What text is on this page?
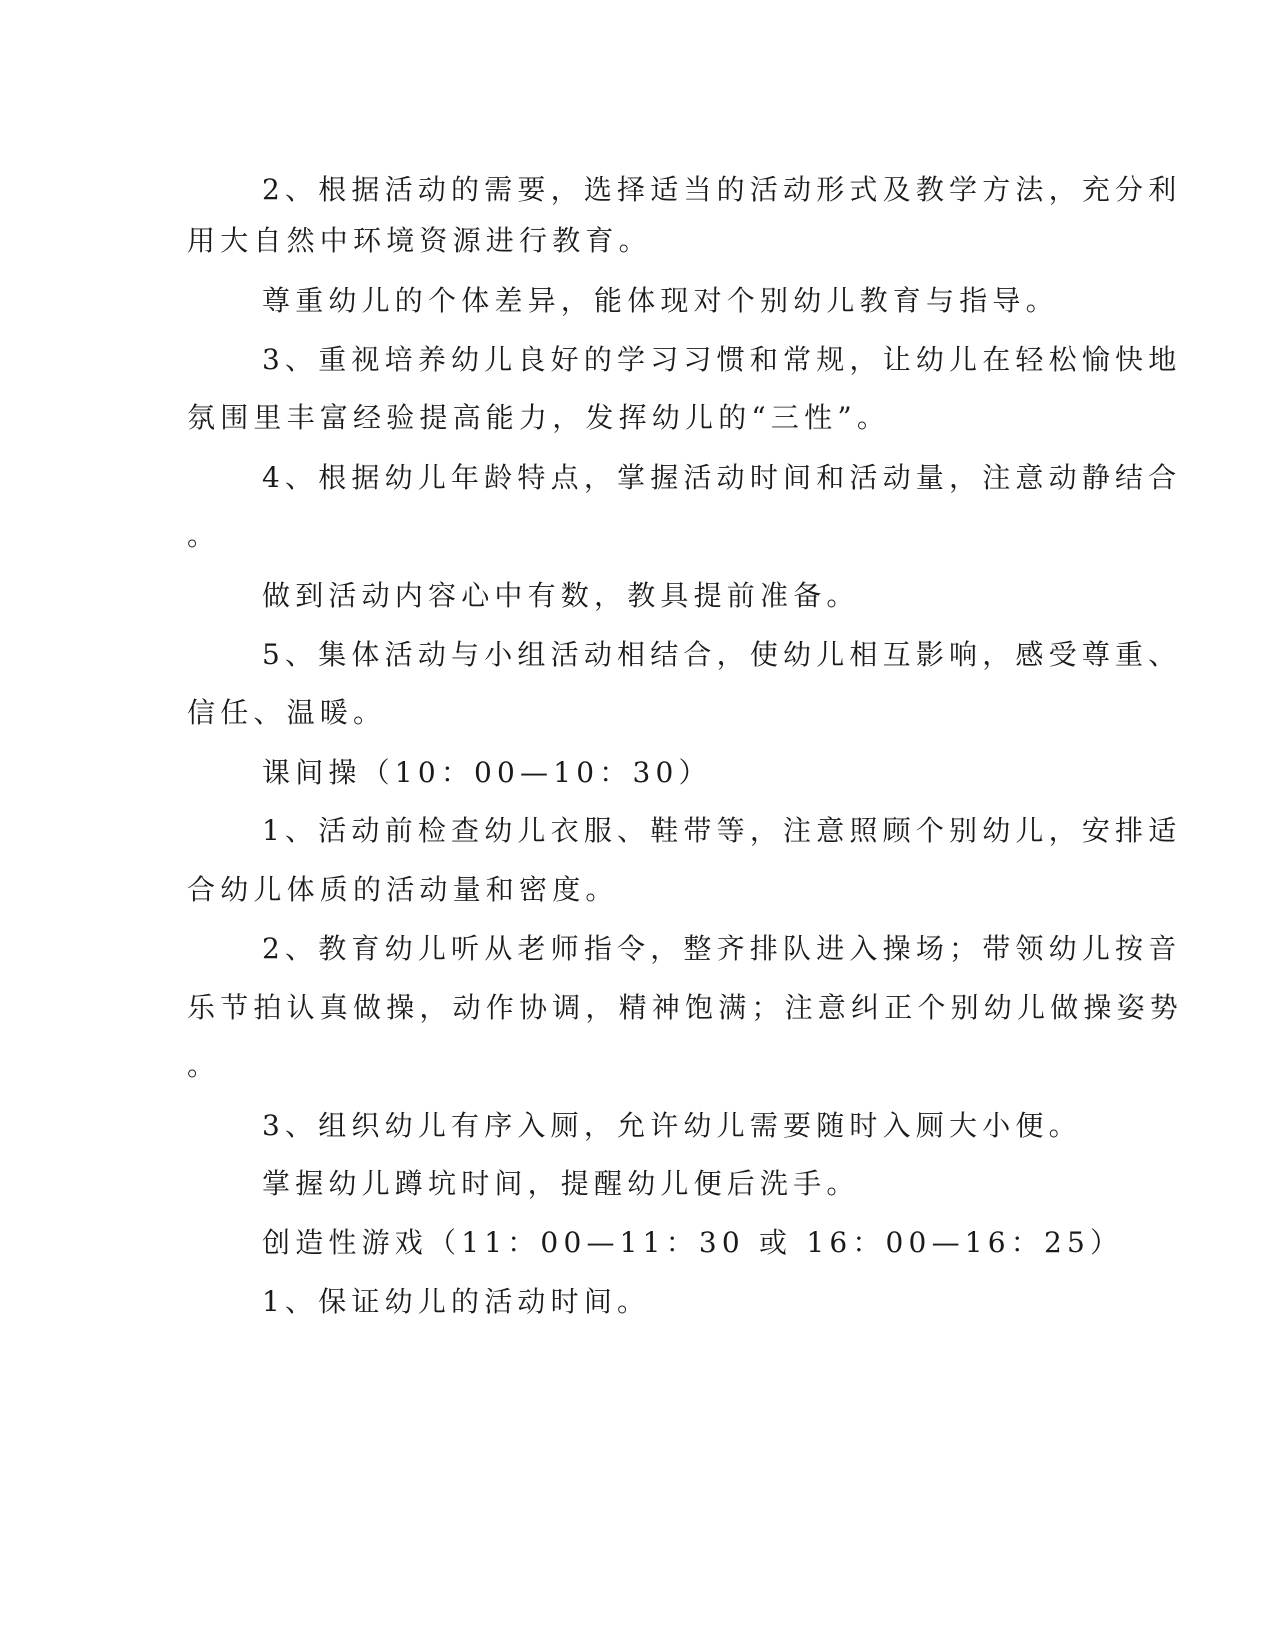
2、根据活动的需要，选择适当的活动形式及教学方法，充分利
用大自然中环境资源进行教育。
尊重幼儿的个体差异，能体现对个别幼儿教育与指导。
3、重视培养幼儿良好的学习习惯和常规，让幼儿在轻松愉快地
氛围里丰富经验提高能力，发挥幼儿的“三性”。
4、根据幼儿年龄特点，掌握活动时间和活动量，注意动静结合
。
做到活动内容心中有数，教具提前准备。
5、集体活动与小组活动相结合，使幼儿相互影响，感受尊重、
信任、温暖。
课间操（10：00—10：30）
1、活动前检查幼儿衣服、鞋带等，注意照顾个别幼儿，安排适
合幼儿体质的活动量和密度。
2、教育幼儿听从老师指令，整齐排队进入操场；带领幼儿按音
乐节拍认真做操，动作协调，精神饱满；注意纠正个别幼儿做操姿势
。
3、组织幼儿有序入厕，允许幼儿需要随时入厕大小便。
掌握幼儿蹲坑时间，提醒幼儿便后洗手。
创造性游戏（11：00—11：30 或 16：00—16：25）
1、保证幼儿的活动时间。
